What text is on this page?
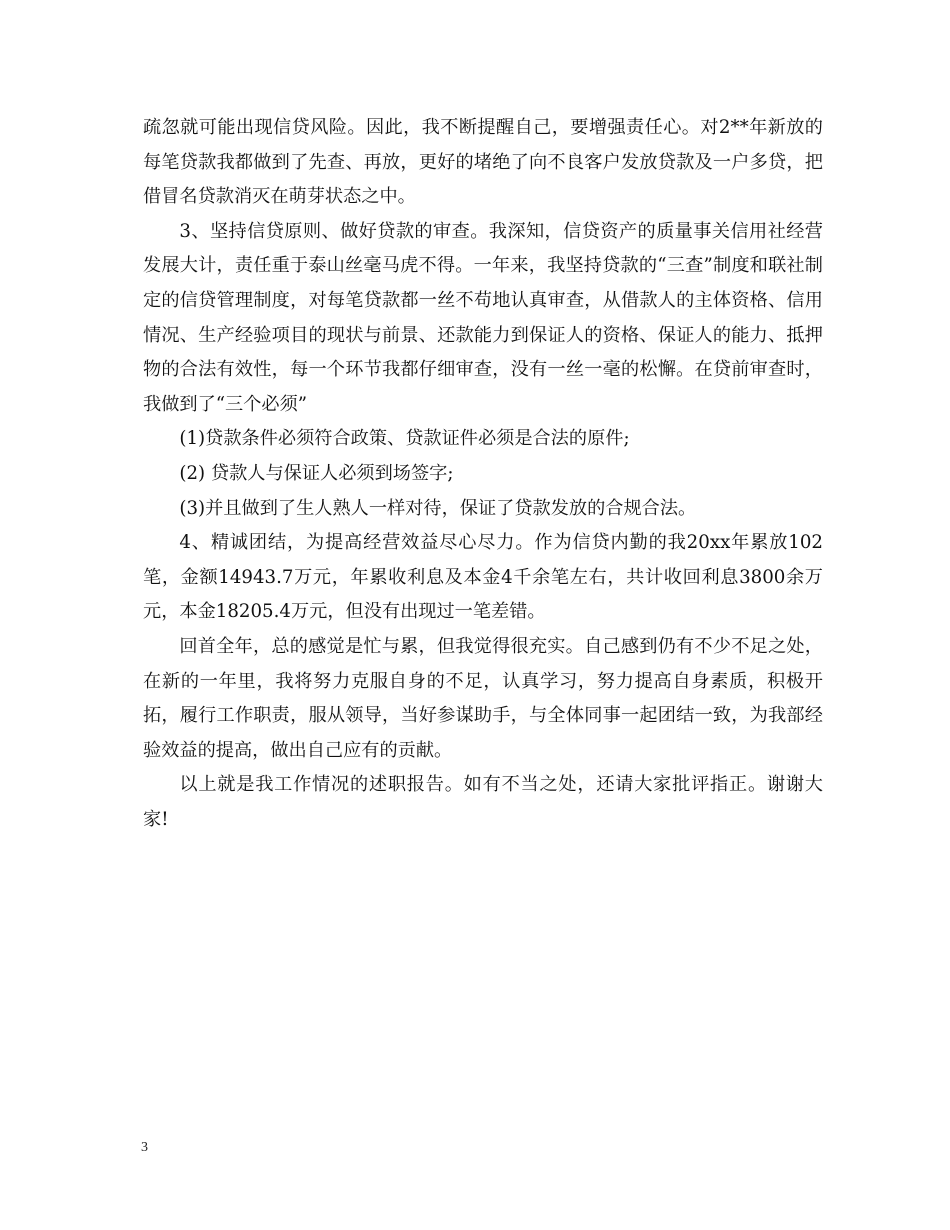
疏忽就可能出现信贷风险。因此，我不断提醒自己，要增强责任心。对2**年新放的每笔贷款我都做到了先查、再放，更好的堵绝了向不良客户发放贷款及一户多贷，把借冒名贷款消灭在萌芽状态之中。

3、坚持信贷原则、做好贷款的审查。我深知，信贷资产的质量事关信用社经营发展大计，责任重于泰山丝毫马虎不得。一年来，我坚持贷款的“三查”制度和联社制定的信贷管理制度，对每笔贷款都一丝不苟地认真审查，从借款人的主体资格、信用情况、生产经验项目的现状与前景、还款能力到保证人的资格、保证人的能力、抵押物的合法有效性，每一个环节我都仔细审查，没有一丝一毫的松懈。在贷前审查时，我做到了“三个必须”

(1)贷款条件必须符合政策、贷款证件必须是合法的原件;

(2) 贷款人与保证人必须到场签字;

(3)并且做到了生人熟人一样对待，保证了贷款发放的合规合法。

4、精诚团结，为提高经营效益尽心尽力。作为信贷内勤的我20xx年累放102笔，金额14943.7万元，年累收利息及本金4千余笔左右，共计收回利息3800余万元，本金18205.4万元，但没有出现过一笔差错。

回首全年，总的感觉是忙与累，但我觉得很充实。自己感到仍有不少不足之处，在新的一年里，我将努力克服自身的不足，认真学习，努力提高自身素质，积极开拓，履行工作职责，服从领导，当好参谋助手，与全体同事一起团结一致，为我部经验效益的提高，做出自己应有的贡献。

以上就是我工作情况的述职报告。如有不当之处，还请大家批评指正。谢谢大家!

3
